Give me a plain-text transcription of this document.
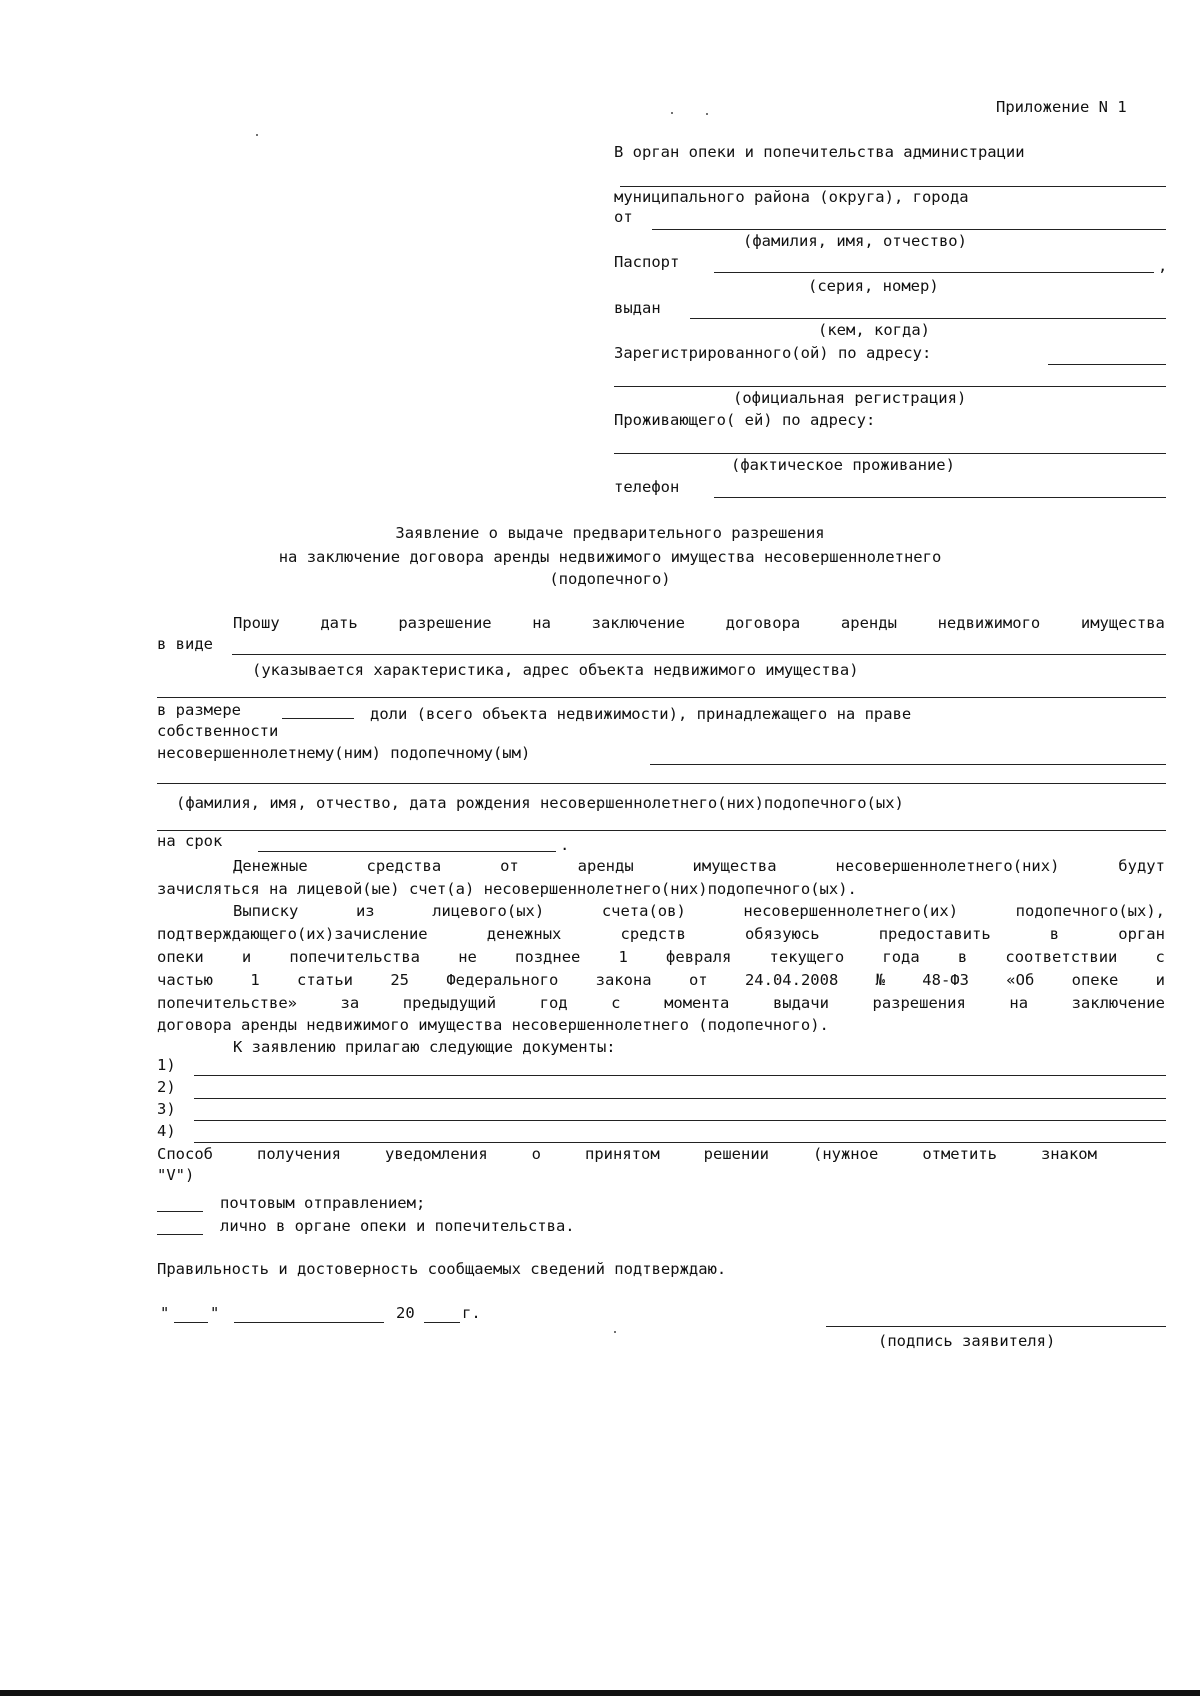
Приложение N 1
В орган опеки и попечительства администрации
муниципального района (округа), города
от
(фамилия, имя, отчество)
Паспорт	,
(серия, номер)
выдан
(кем, когда)
Зарегистрированного(ой) по адресу:
(официальная регистрация)
Проживающего( ей) по адресу:
(фактическое проживание)
телефон
Заявление о выдаче предварительного разрешения
на заключение договора аренды недвижимого имущества несовершеннолетнего
(подопечного)
Прошу	дать	разрешение	на	заключение	договора	аренды	недвижимого	имущества
в виде
(указывается характеристика, адрес объекта недвижимого имущества)
в размере	доли (всего объекта недвижимости), принадлежащего на праве
собственности
несовершеннолетнему(ним) подопечному(ым)
(фамилия, имя, отчество, дата рождения несовершеннолетнего(них)подопечного(ых)
на срок	.
Денежные	средства	от	аренды	имущества	несовершеннолетнего(них)	будут
зачисляться на лицевой(ые) счет(а) несовершеннолетнего(них)подопечного(ых).
Выписку	из	лицевого(ых)	счета(ов)	несовершеннолетнего(их)	подопечного(ых),
подтверждающего(их)зачисление	денежных	средств	обязуюсь	предоставить	в	орган
опеки и попечительства не позднее 1 февраля текущего года в соответствии с
частью 1 статьи 25 Федерального закона от 24.04.2008 № 48-ФЗ «Об опеке и
попечительстве»	за	предыдущий	год	с	момента	выдачи	разрешения	на	заключение
договора аренды недвижимого имущества несовершеннолетнего (подопечного).
К заявлению прилагаю следующие документы:
1)
2)
3)
4)
Способ	получения	уведомления	о	принятом	решении	(нужное	отметить	знаком
"V")
почтовым отправлением;
лично в органе опеки и попечительства.
Правильность и достоверность сообщаемых сведений подтверждаю.
"	"	20	г.
(подпись заявителя)
